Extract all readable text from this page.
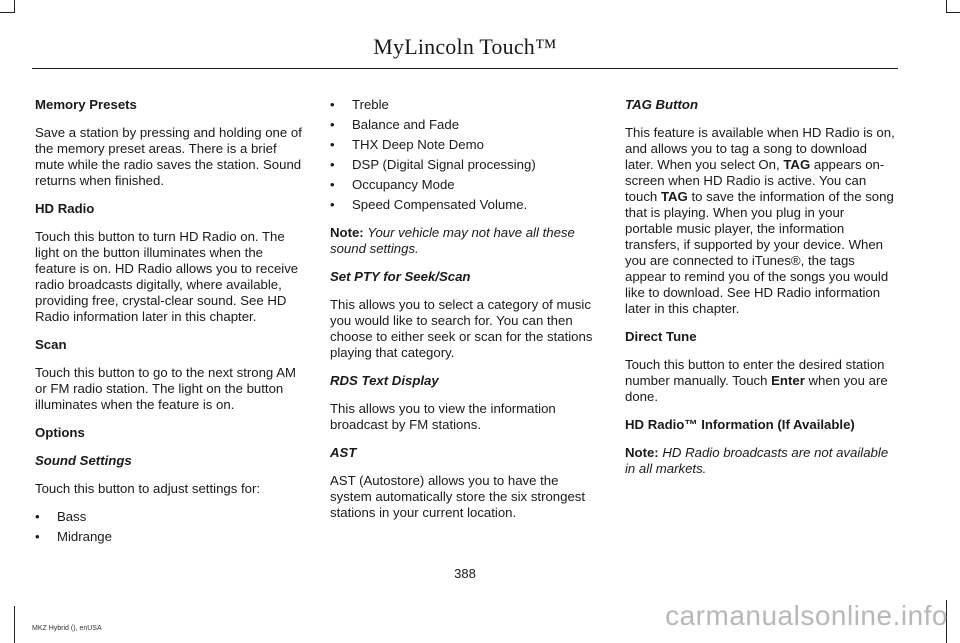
MyLincoln Touch™
Memory Presets
Save a station by pressing and holding one of the memory preset areas. There is a brief mute while the radio saves the station. Sound returns when finished.
HD Radio
Touch this button to turn HD Radio on. The light on the button illuminates when the feature is on. HD Radio allows you to receive radio broadcasts digitally, where available, providing free, crystal-clear sound. See HD Radio information later in this chapter.
Scan
Touch this button to go to the next strong AM or FM radio station. The light on the button illuminates when the feature is on.
Options
Sound Settings
Touch this button to adjust settings for:
• Bass
• Midrange
• Treble
• Balance and Fade
• THX Deep Note Demo
• DSP (Digital Signal processing)
• Occupancy Mode
• Speed Compensated Volume.
Note: Your vehicle may not have all these sound settings.
Set PTY for Seek/Scan
This allows you to select a category of music you would like to search for. You can then choose to either seek or scan for the stations playing that category.
RDS Text Display
This allows you to view the information broadcast by FM stations.
AST
AST (Autostore) allows you to have the system automatically store the six strongest stations in your current location.
TAG Button
This feature is available when HD Radio is on, and allows you to tag a song to download later. When you select On, TAG appears on-screen when HD Radio is active. You can touch TAG to save the information of the song that is playing. When you plug in your portable music player, the information transfers, if supported by your device. When you are connected to iTunes®, the tags appear to remind you of the songs you would like to download. See HD Radio information later in this chapter.
Direct Tune
Touch this button to enter the desired station number manually. Touch Enter when you are done.
HD Radio™ Information (If Available)
Note: HD Radio broadcasts are not available in all markets.
388
MKZ Hybrid (), enUSA	carmanualsonline.info
